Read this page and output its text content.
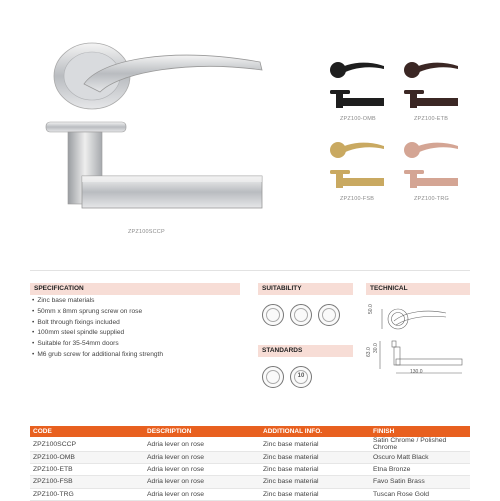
ZPZ100SCCP
ZPZ100-OMB	ZPZ100-ETB
ZPZ100-FSB	ZPZ100-TRG
SPECIFICATION
• Zinc base materials
• 50mm x 8mm sprung screw on rose
• Bolt through fixings included
• 100mm steel spindle supplied
• Suitable for 35-54mm doors
• M6 grub screw for additional fixing strength
SUITABILITY
STANDARDS
10
TECHNICAL
50.0
63.0 30.0
130.0
CODE	DESCRIPTION	ADDITIONAL INFO.	FINISH
ZPZ100SCCP	Adria lever on rose	Zinc base material	Satin Chrome / Polished Chrome
ZPZ100-OMB	Adria lever on rose	Zinc base material	Oscuro Matt Black
ZPZ100-ETB	Adria lever on rose	Zinc base material	Etna Bronze
ZPZ100-FSB	Adria lever on rose	Zinc base material	Favo Satin Brass
ZPZ100-TRG	Adria lever on rose	Zinc base material	Tuscan Rose Gold
